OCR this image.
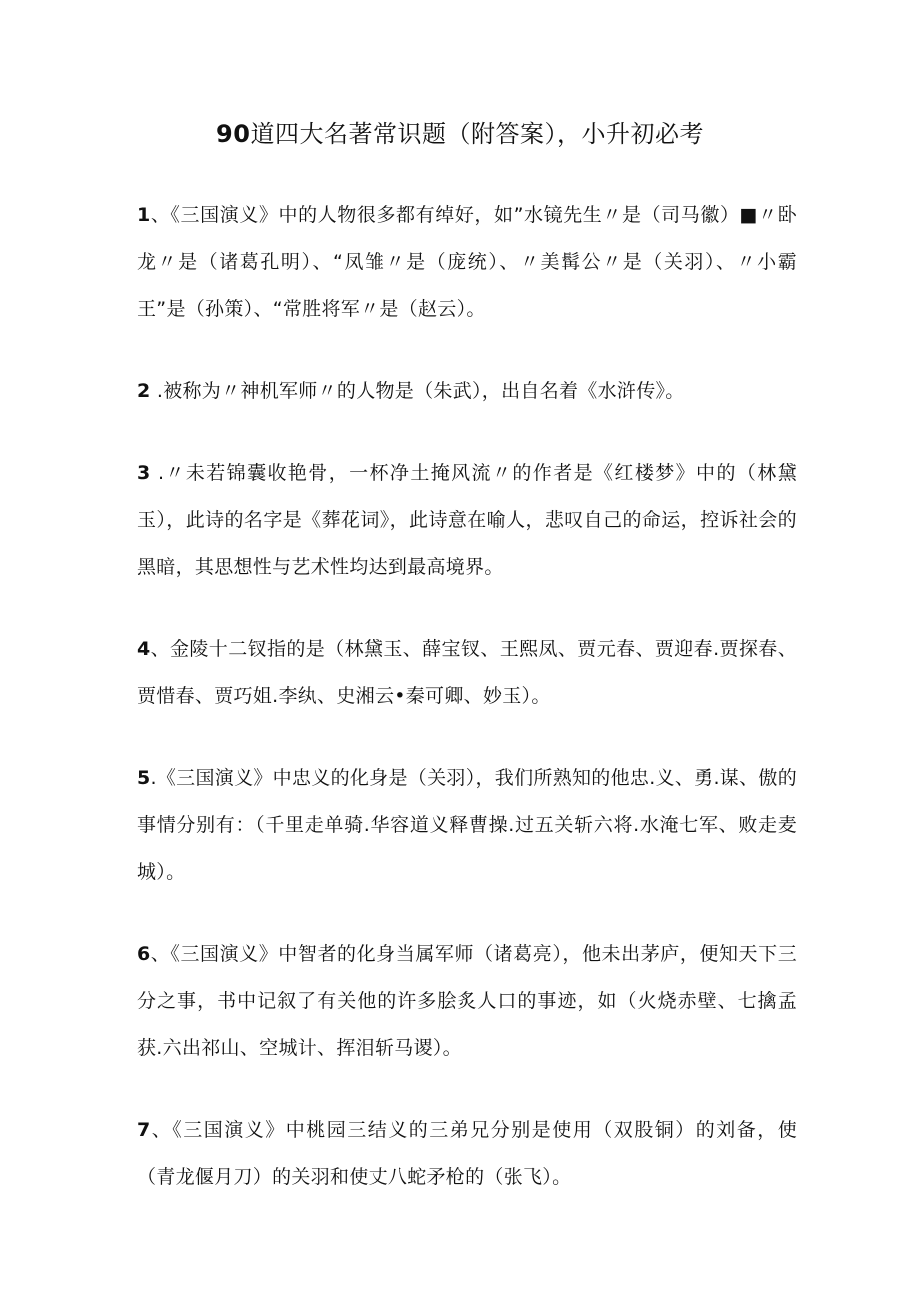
90道四大名著常识题（附答案），小升初必考

1、《三国演义》中的人物很多都有绰好，如”水镜先生〃是（司马徽）■〃卧龙〃是（诸葛孔明）、“凤雏〃是（庞统）、〃美髯公〃是（关羽）、〃小霸王”是（孙策）、“常胜将军〃是（赵云）。

2 .被称为〃神机军师〃的人物是（朱武），出自名着《水浒传》。

3 .〃未若锦囊收艳骨，一杯净土掩风流〃的作者是《红楼梦》中的（林黛玉），此诗的名字是《葬花词》，此诗意在喻人，悲叹自己的命运，控诉社会的黑暗，其思想性与艺术性均达到最高境界。

4、金陵十二钗指的是（林黛玉、薛宝钗、王熙凤、贾元春、贾迎春.贾探春、贾惜春、贾巧姐.李纨、史湘云•秦可卿、妙玉）。

5.《三国演义》中忠义的化身是（关羽），我们所熟知的他忠.义、勇.谋、傲的事情分别有：（千里走单骑.华容道义释曹操.过五关斩六将.水淹七军、败走麦城）。

6、《三国演义》中智者的化身当属军师（诸葛亮），他未出茅庐，便知天下三分之事，书中记叙了有关他的许多脍炙人口的事迹，如（火烧赤壁、七擒孟获.六出祁山、空城计、挥泪斩马谡）。

7、《三国演义》中桃园三结义的三弟兄分别是使用（双股铜）的刘备，使（青龙偃月刀）的关羽和使丈八蛇矛枪的（张飞）。
